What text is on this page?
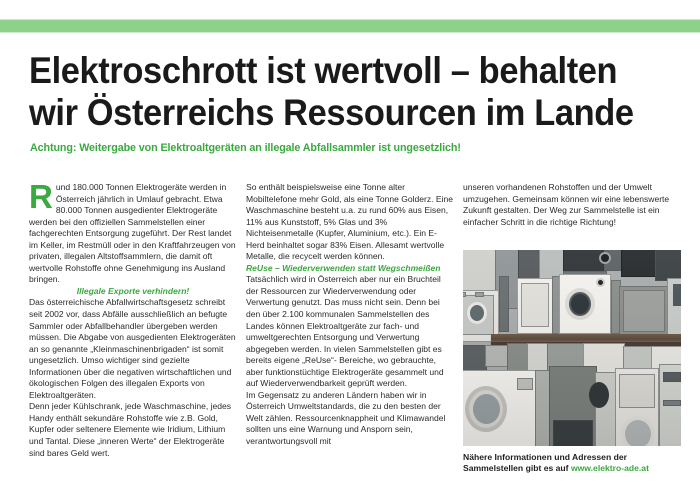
Elektroschrott ist wertvoll – behalten
wir Österreichs Ressourcen im Lande
Achtung: Weitergabe von Elektroaltgeräten an illegale Abfallsammler ist ungesetzlich!

Rund 180.000 Tonnen Elektrogeräte werden in Österreich jährlich in Umlauf gebracht. Etwa 80.000 Tonnen ausgedienter Elektrogeräte werden bei den offiziellen Sammelstellen einer fachgerechten Entsorgung zugeführt. Der Rest landet im Keller, im Restmüll oder in den Kraftfahrzeugen von privaten, illegalen Altstoffsammlern, die damit oft wertvolle Rohstoffe ohne Genehmigung ins Ausland bringen.

Illegale Exporte verhindern!

Das österreichische Abfallwirtschaftsgesetz schreibt seit 2002 vor, dass Abfälle ausschließlich an befugte Sammler oder Abfallbehandler übergeben werden müssen. Die Abgabe von ausgedienten Elektrogeräten an so genannte „Kleinmaschinenbrigaden“ ist somit ungesetzlich. Umso wichtiger sind gezielte Informationen über die negativen wirtschaftlichen und ökologischen Folgen des illegalen Exports von Elektroaltgeräten.

Denn jeder Kühlschrank, jede Waschmaschine, jedes Handy enthält sekundäre Rohstoffe wie z.B. Gold, Kupfer oder seltenere Elemente wie Iridium, Lithium und Tantal. Diese „inneren Werte“ der Elektrogeräte sind bares Geld wert.

So enthält beispielsweise eine Tonne alter Mobiltelefone mehr Gold, als eine Tonne Golderz. Eine Waschmaschine besteht u.a. zu rund 60% aus Eisen, 11% aus Kunststoff, 5% Glas und 3% Nichteisenmetalle (Kupfer, Aluminium, etc.). Ein E-Herd beinhaltet sogar 83% Eisen. Allesamt wertvolle Metalle, die recycelt werden können.

ReUse – Wiederverwenden statt Wegschmeißen

Tatsächlich wird in Österreich aber nur ein Bruchteil der Ressourcen zur Wiederverwendung oder Verwertung genutzt. Das muss nicht sein. Denn bei den über 2.100 kommunalen Sammelstellen des Landes können Elektroaltgeräte zur fach- und umweltgerechten Entsorgung und Verwertung abgegeben werden. In vielen Sammelstellen gibt es bereits eigene „ReUse“- Bereiche, wo gebrauchte, aber funktionstüchtige Elektrogeräte gesammelt und auf Wiederverwendbarkeit geprüft werden.

Im Gegensatz zu anderen Ländern haben wir in Österreich Umweltstandards, die zu den besten der Welt zählen. Ressourcenknappheit und Klimawandel sollten uns eine Warnung und Ansporn sein, verantwortungsvoll mit

unseren vorhandenen Rohstoffen und der Umwelt umzugehen. Gemeinsam können wir eine lebenswerte Zukunft gestalten. Der Weg zur Sammelstelle ist ein einfacher Schritt in die richtige Richtung!

Nähere Informationen und Adressen der Sammelstellen gibt es auf www.elektro-ade.at
